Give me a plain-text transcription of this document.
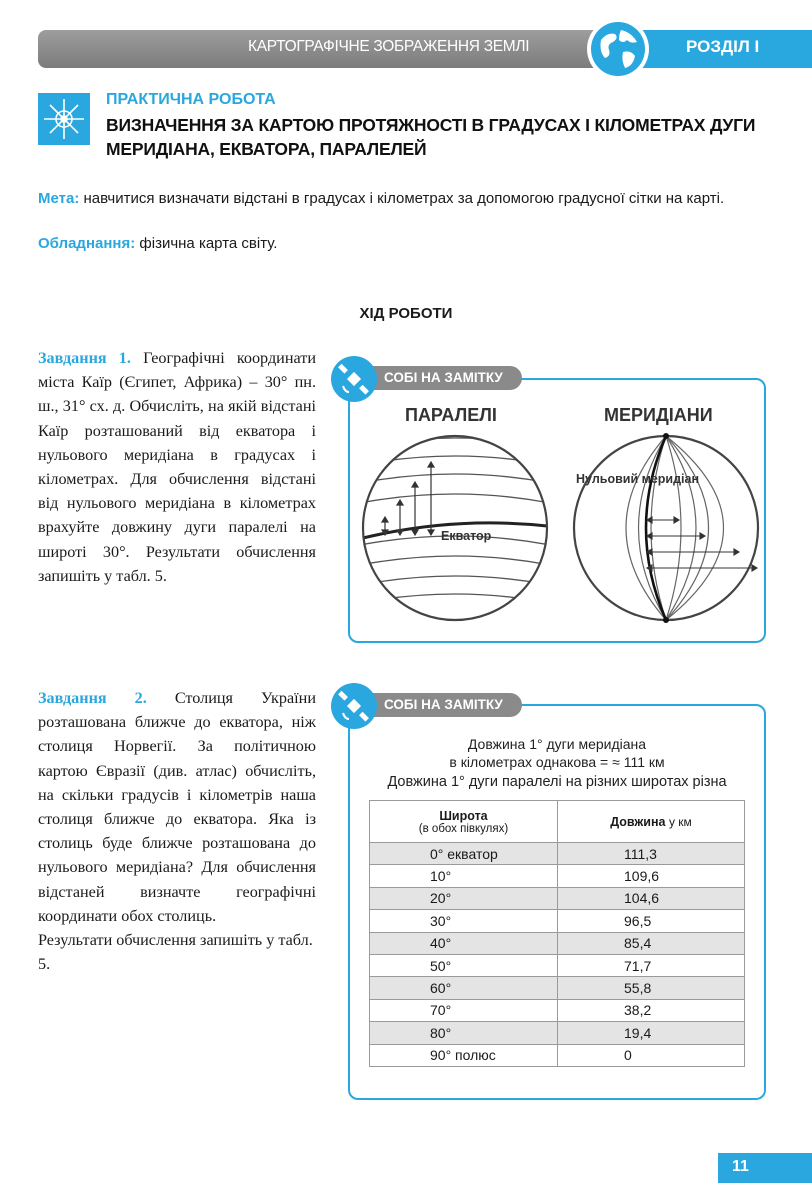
КАРТОГРАФІЧНЕ ЗОБРАЖЕННЯ ЗЕМЛІ	РОЗДІЛ І
ПРАКТИЧНА РОБОТА
ВИЗНАЧЕННЯ ЗА КАРТОЮ ПРОТЯЖНОСТІ В ГРАДУСАХ І КІЛОМЕТРАХ ДУГИ МЕРИДІАНА, ЕКВАТОРА, ПАРАЛЕЛЕЙ
Мета: навчитися визначати відстані в градусах і кілометрах за допомогою градусної сітки на карті.
Обладнання: фізична карта світу.
ХІД РОБОТИ
Завдання 1. Географічні координати міста Каїр (Єгипет, Африка) – 30° пн. ш., 31° сх. д. Обчисліть, на якій відстані Каїр розташований від екватора і нульового меридіана в градусах і кілометрах. Для обчислення відстані від нульового меридіана в кілометрах врахуйте довжину дуги паралелі на широті 30°. Результати обчислення запишіть у табл. 5.
Завдання 2. Столиця України розташована ближче до екватора, ніж столиця Норвегії. За політичною картою Євразії (див. атлас) обчисліть, на скільки градусів і кілометрів наша столиця ближче до екватора. Яка із столиць буде ближче розташована до нульового меридіана? Для обчислення відстаней визначте географічні координати обох столиць.
Результати обчислення запишіть у табл. 5.
СОБІ НА ЗАМІТКУ
ПАРАЛЕЛІ	МЕРИДІАНИ
Екватор
Нульовий меридіан
СОБІ НА ЗАМІТКУ
Довжина 1° дуги меридіана
в кілометрах однакова = ≈ 111 км
Довжина 1° дуги паралелі на різних широтах різна
Широта
(в обох півкулях)	Довжина у км
0° екватор	111,3
10°	109,6
20°	104,6
30°	96,5
40°	85,4
50°	71,7
60°	55,8
70°	38,2
80°	19,4
90° полюс	0
11
